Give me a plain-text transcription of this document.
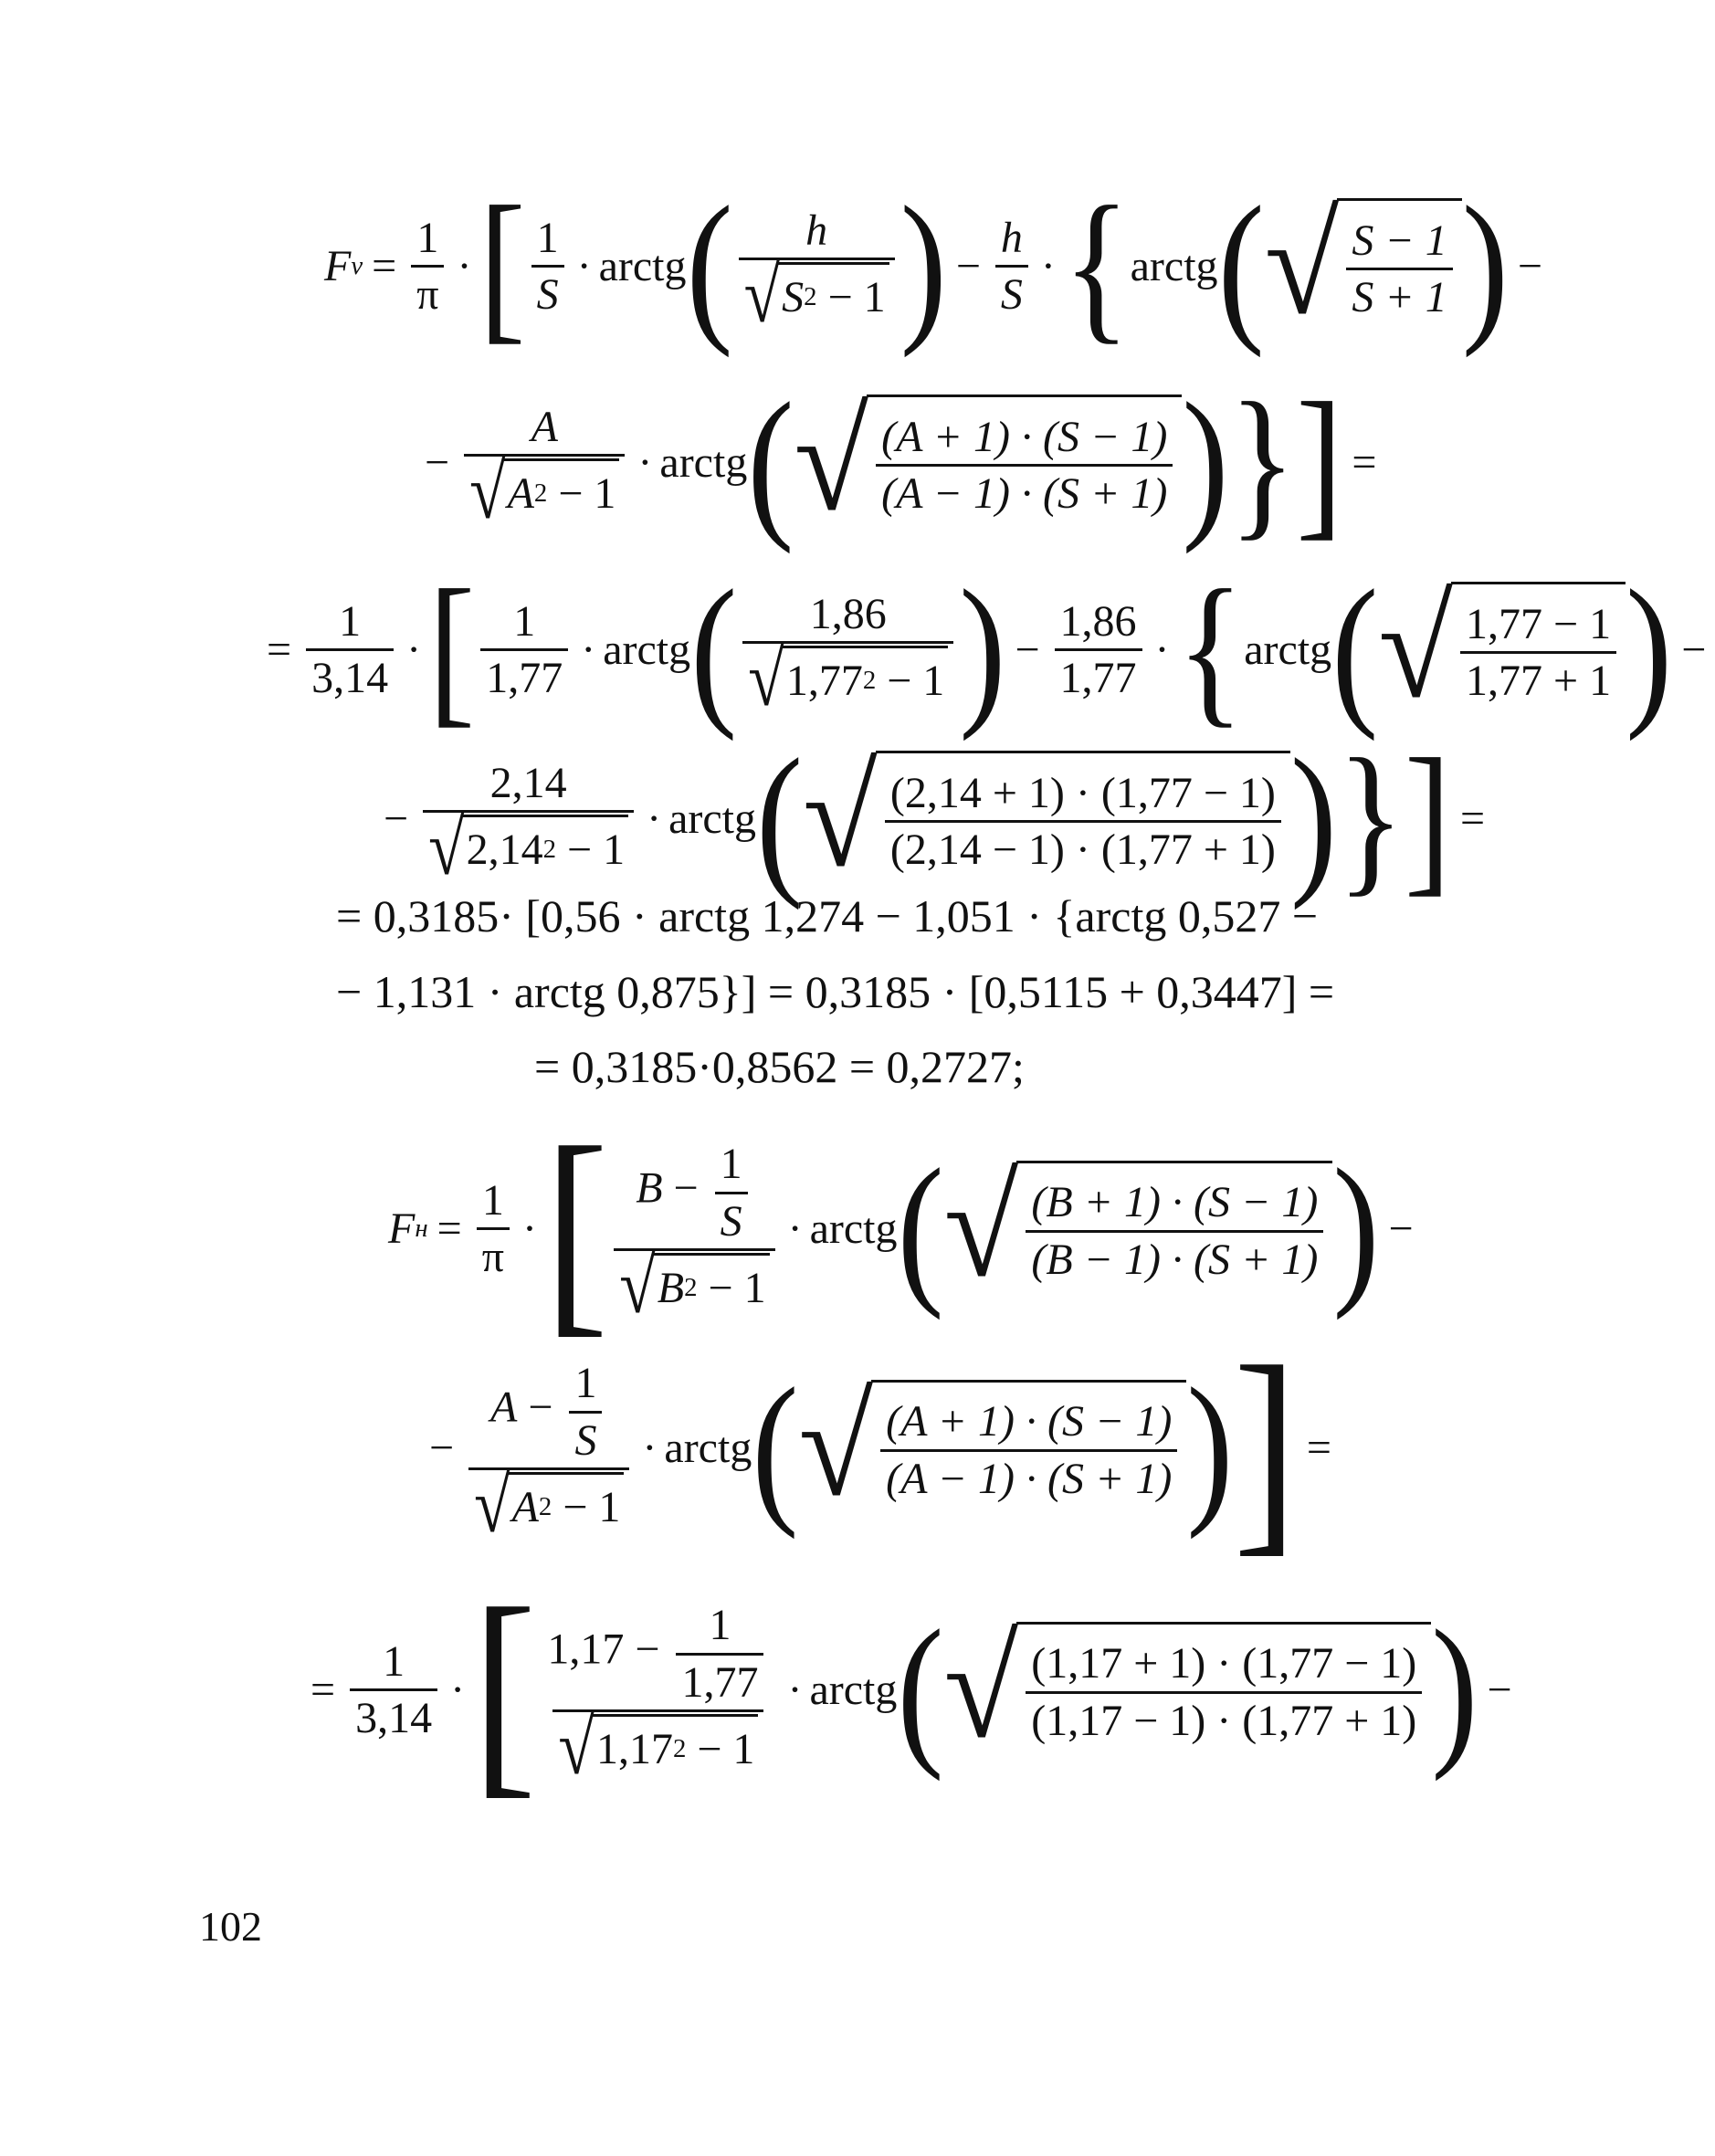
F $v = \frac{1}{\pi}$ · [ $\frac{1}{S}$ · arctg ( h
√ S 2
−
1 ) − $\frac{h}{S}$ · { arctg ( √ $\frac{S - 1}{S + 1}$ ) −
− A
√ A 2
−
1 · arctg ( √ $\frac{(A + 1) \cdot (S - 1)}{(A - 1) \cdot (S + 1)}$ ) } ] =
= $\frac{1}{3,14}$ · [ $\frac{1}{1,77}$ · arctg ( 1,86
√ 1,77 2
−
1 ) − $\frac{1,86}{1,77}$ · { arctg ( √ $\frac{1,77 - 1}{1,77 + 1}$ ) −
− 2,14
√ 2,14 2
−
1 · arctg ( √ $\frac{(2,14 + 1) \cdot (1,77 - 1)}{(2,14 - 1) \cdot (1,77 + 1)}$ ) } ] =
= 0,3185· [0,56 · arctg 1,274 − 1,051 · {arctg 0,527 −
− 1,131 · arctg 0,875}] = 0,3185 · [0,5115 + 0,3447] =
= 0,3185·0,8562 = 0,2727;
F $н = \frac{1}{\pi}$ · [ $B - \frac{1}{S}$
√ B 2
−
1 · arctg ( √ $\frac{(B + 1) \cdot (S - 1)}{(B - 1) \cdot (S + 1)}$ ) −
− $A - \frac{1}{S}$
√ A 2
−
1 · arctg ( √ $\frac{(A + 1) \cdot (S - 1)}{(A - 1) \cdot (S + 1)}$ ) ] =
= $\frac{1}{3,14}$ · [ $1,17 - \frac{1}{1,77}$
√ 1,17 2
−
1 · arctg ( √ $\frac{(1,17 + 1) \cdot (1,77 - 1)}{(1,17 - 1) \cdot (1,77 + 1)}$ ) −
102
